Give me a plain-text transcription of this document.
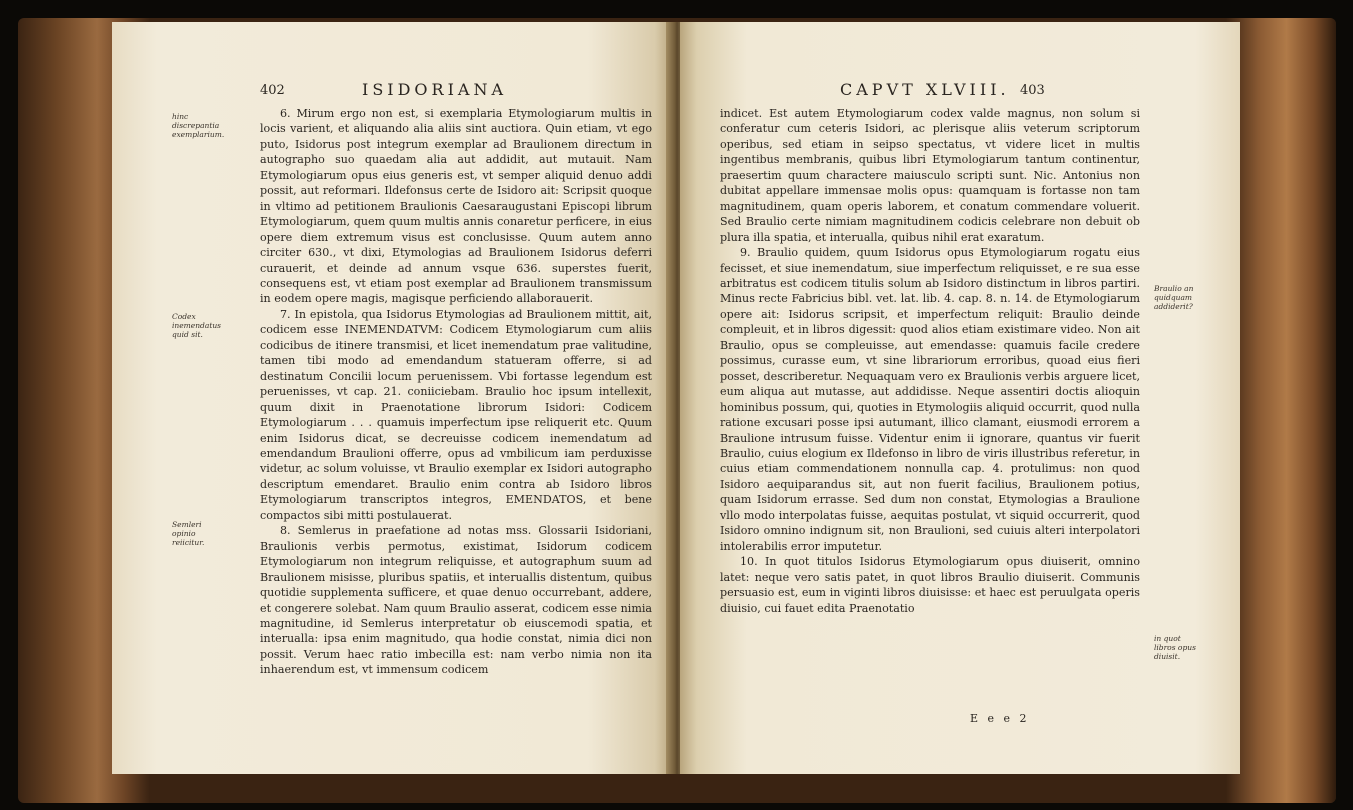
402	ISIDORIANA
hinc discrepantia exemplarium.
Codex inemendatus quid sit.
Semleri opinio reiicitur.

6. Mirum ergo non est, si exemplaria Etymologiarum multis in locis varient, et aliquando alia aliis sint auctiora. Quin etiam, vt ego puto, Isidorus post integrum exemplar ad Braulionem directum in autographo suo quaedam alia aut addidit, aut mutauit. Nam Etymologiarum opus eius generis est, vt semper aliquid denuo addi possit, aut reformari. Ildefonsus certe de Isidoro ait: Scripsit quoque in vltimo ad petitionem Braulionis Caesaraugustani Episcopi librum Etymologiarum, quem quum multis annis conaretur perficere, in eius opere diem extremum visus est conclusisse. Quum autem anno circiter 630., vt dixi, Etymologias ad Braulionem Isidorus deferri curauerit, et deinde ad annum vsque 636. superstes fuerit, consequens est, vt etiam post exemplar ad Braulionem transmissum in eodem opere magis, magisque perficiendo allaborauerit.

7. In epistola, qua Isidorus Etymologias ad Braulionem mittit, ait, codicem esse INEMENDATVM: Codicem Etymologiarum cum aliis codicibus de itinere transmisi, et licet inemendatum prae valitudine, tamen tibi modo ad emendandum statueram offerre, si ad destinatum Concilii locum peruenissem. Vbi fortasse legendum est peruenisses, vt cap. 21. coniiciebam. Braulio hoc ipsum intellexit, quum dixit in Praenotatione librorum Isidori: Codicem Etymologiarum . . . quamuis imperfectum ipse reliquerit etc. Quum enim Isidorus dicat, se decreuisse codicem inemendatum ad emendandum Braulioni offerre, opus ad vmbilicum iam perduxisse videtur, ac solum voluisse, vt Braulio exemplar ex Isidori autographo descriptum emendaret. Braulio enim contra ab Isidoro libros Etymologiarum transcriptos integros, EMENDATOS, et bene compactos sibi mitti postulauerat.

8. Semlerus in praefatione ad notas mss. Glossarii Isidoriani, Braulionis verbis permotus, existimat, Isidorum codicem Etymologiarum non integrum reliquisse, et autographum suum ad Braulionem misisse, pluribus spatiis, et interuallis distentum, quibus quotidie supplementa sufficere, et quae denuo occurrebant, addere, et congerere solebat. Nam quum Braulio asserat, codicem esse nimia magnitudine, id Semlerus interpretatur ob eiuscemodi spatia, et interualla: ipsa enim magnitudo, qua hodie constat, nimia dici non possit. Verum haec ratio imbecilla est: nam verbo nimia non ita inhaerendum est, vt immensum codicem

CAPVT XLVIII. 403

indicet. Est autem Etymologiarum codex valde magnus, non solum si conferatur cum ceteris Isidori, ac plerisque aliis veterum scriptorum operibus, sed etiam in seipso spectatus, vt videre licet in multis ingentibus membranis, quibus libri Etymologiarum tantum continentur, praesertim quum charactere maiusculo scripti sunt. Nic. Antonius non dubitat appellare immensae molis opus: quamquam is fortasse non tam magnitudinem, quam operis laborem, et conatum commendare voluerit. Sed Braulio certe nimiam magnitudinem codicis celebrare non debuit ob plura illa spatia, et interualla, quibus nihil erat exaratum.

9. Braulio quidem, quum Isidorus opus Etymologiarum rogatu eius fecisset, et siue inemendatum, siue imperfectum reliquisset, e re sua esse arbitratus est codicem titulis solum ab Isidoro distinctum in libros partiri. Minus recte Fabricius bibl. vet. lat. lib. 4. cap. 8. n. 14. de Etymologiarum opere ait: Isidorus scripsit, et imperfectum reliquit: Braulio deinde compleuit, et in libros digessit: quod alios etiam existimare video. Non ait Braulio, opus se compleuisse, aut emendasse: quamuis facile credere possimus, curasse eum, vt sine librariorum erroribus, quoad eius fieri posset, describeretur. Nequaquam vero ex Braulionis verbis arguere licet, eum aliqua aut mutasse, aut addidisse. Neque assentiri doctis alioquin hominibus possum, qui, quoties in Etymologiis aliquid occurrit, quod nulla ratione excusari posse ipsi autumant, illico clamant, eiusmodi errorem a Braulione intrusum fuisse. Videntur enim ii ignorare, quantus vir fuerit Braulio, cuius elogium ex Ildefonso in libro de viris illustribus referetur, in cuius etiam commendationem nonnulla cap. 4. protulimus: non quod Isidoro aequiparandus sit, aut non fuerit facilius, Braulionem potius, quam Isidorum errasse. Sed dum non constat, Etymologias a Braulione vllo modo interpolatas fuisse, aequitas postulat, vt siquid occurrerit, quod Isidoro omnino indignum sit, non Braulioni, sed cuiuis alteri interpolatori intolerabilis error imputetur.

10. In quot titulos Isidorus Etymologiarum opus diuiserit, omnino latet: neque vero satis patet, in quot libros Braulio diuiserit. Communis persuasio est, eum in viginti libros diuisisse: et haec est peruulgata operis diuisio, cui fauet edita Praenotatio

Braulio an quidquam addiderit?
in quot libros opus diuisit.
E e e 2
